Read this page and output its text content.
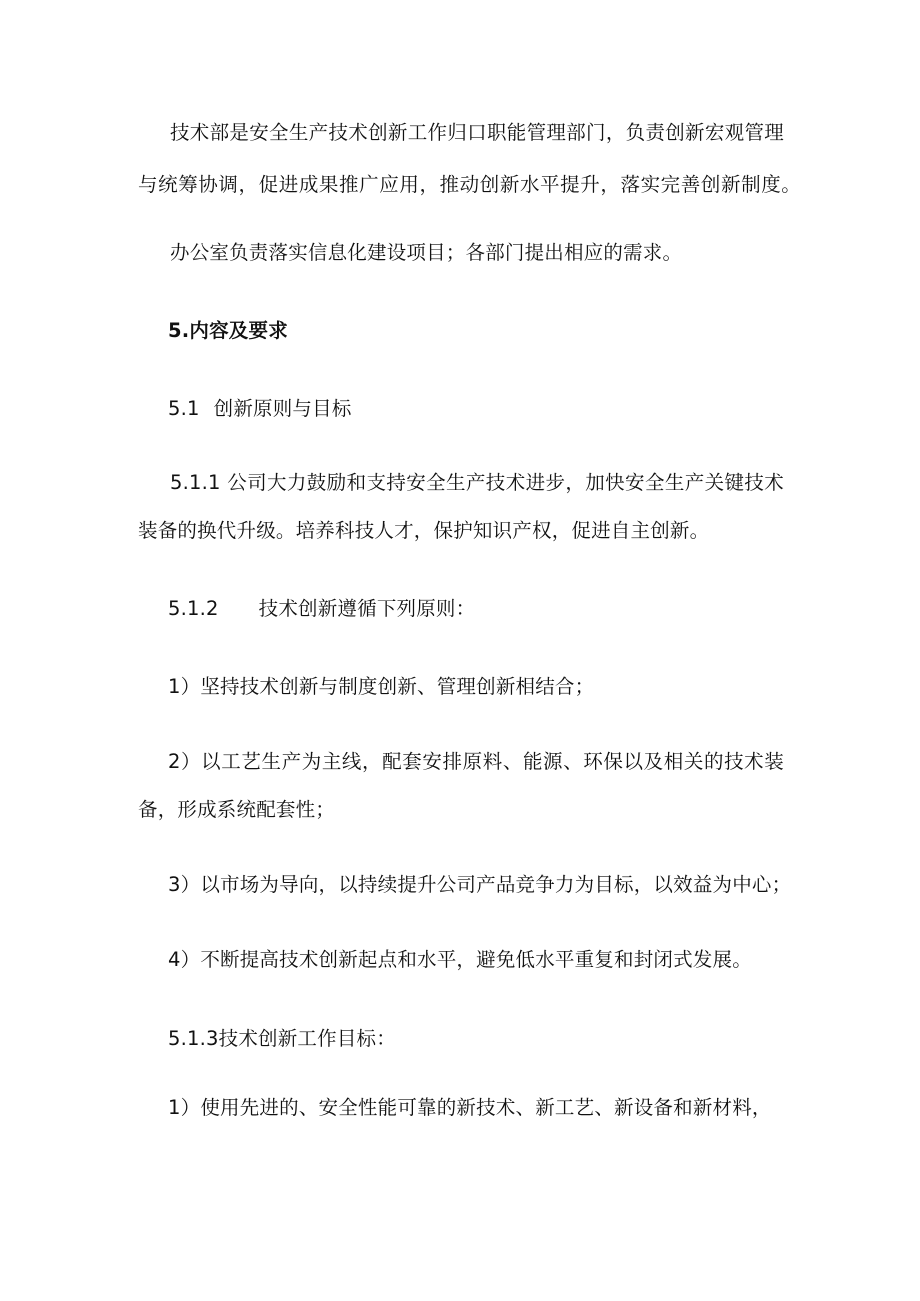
技术部是安全生产技术创新工作归口职能管理部门，负责创新宏观管理
与统筹协调，促进成果推广应用，推动创新水平提升，落实完善创新制度。
办公室负责落实信息化建设项目；各部门提出相应的需求。
5.内容及要求
5.1 创新原则与目标
5.1.1 公司大力鼓励和支持安全生产技术进步，加快安全生产关键技术
装备的换代升级。培养科技人才，保护知识产权，促进自主创新。
5.1.2 技术创新遵循下列原则：
1）坚持技术创新与制度创新、管理创新相结合；
2）以工艺生产为主线，配套安排原料、能源、环保以及相关的技术装
备，形成系统配套性；
3）以市场为导向，以持续提升公司产品竞争力为目标，以效益为中心；
4）不断提高技术创新起点和水平，避免低水平重复和封闭式发展。
5.1.3技术创新工作目标：
1）使用先进的、安全性能可靠的新技术、新工艺、新设备和新材料，
